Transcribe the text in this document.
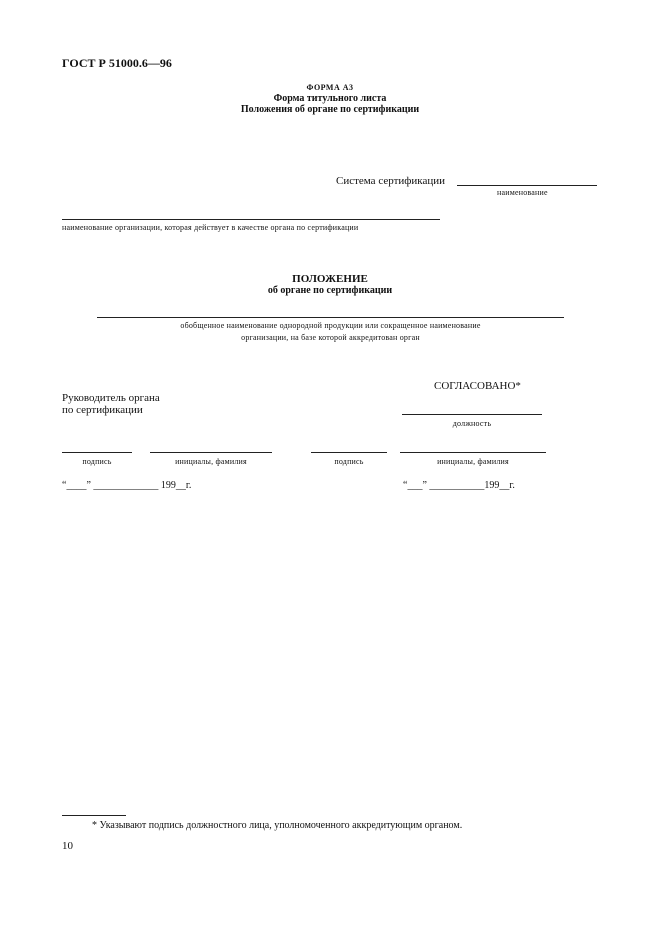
ГОСТ Р 51000.6—96
ФОРМА А3
Форма титульного листа
Положения об органе по сертификации
Система сертификации
наименование
наименование организации, которая действует в качестве органа по сертификации
ПОЛОЖЕНИЕ
об органе по сертификации
обобщенное наименование однородной продукции или сокращенное наименование
организации, на базе которой аккредитован орган
СОГЛАСОВАНО*
Руководитель органа
по сертификации
должность
подпись	инициалы, фамилия	подпись	инициалы, фамилия
“____” _____________ 199__г.	“___” ___________199__г.
* Указывают подпись должностного лица, уполномоченного аккредитующим органом.
10
